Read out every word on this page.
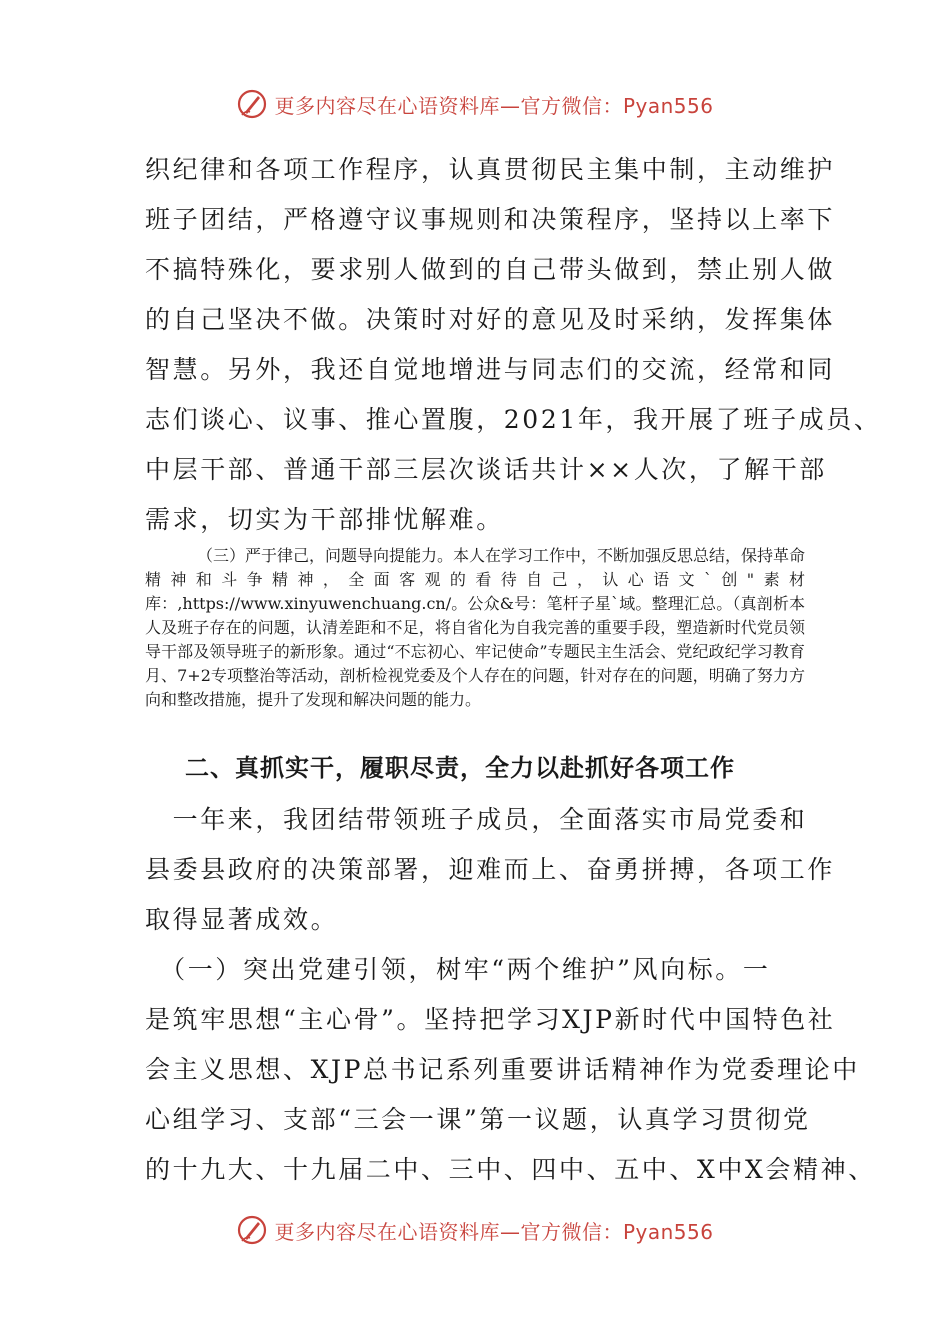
更多内容尽在心语资料库—官方微信：Pyan556
织纪律和各项工作程序，认真贯彻民主集中制，主动维护
班子团结，严格遵守议事规则和决策程序，坚持以上率下
不搞特殊化，要求别人做到的自己带头做到，禁止别人做
的自己坚决不做。决策时对好的意见及时采纳，发挥集体
智慧。另外，我还自觉地增进与同志们的交流，经常和同
志们谈心、议事、推心置腹，2021年，我开展了班子成员、
中层干部、普通干部三层次谈话共计××人次，了解干部
需求，切实为干部排忧解难。
（三）严于律己，问题导向提能力。本人在学习工作中，不断加强反思总结，保持革命精神和斗争精神，全面客观的看待自己，认心语文`创"素材库：,https://www.xinyuwenchuang.cn/。公众&号：笔杆子星`域。整理汇总。（真剖析本人及班子存在的问题，认清差距和不足，将自省化为自我完善的重要手段，塑造新时代党员领导干部及领导班子的新形象。通过“不忘初心、牢记使命”专题民主生活会、党纪政纪学习教育月、7+2专项整治等活动，剖析检视党委及个人存在的问题，针对存在的问题，明确了努力方向和整改措施，提升了发现和解决问题的能力。
二、真抓实干，履职尽责，全力以赴抓好各项工作
　一年来，我团结带领班子成员，全面落实市局党委和
县委县政府的决策部署，迎难而上、奋勇拼搏，各项工作
取得显著成效。
　（一）突出党建引领，树牢“两个维护”风向标。一
是筑牢思想“主心骨”。坚持把学习XJP新时代中国特色社
会主义思想、XJP总书记系列重要讲话精神作为党委理论中
心组学习、支部“三会一课”第一议题，认真学习贯彻党
的十九大、十九届二中、三中、四中、五中、X中X会精神、
更多内容尽在心语资料库—官方微信：Pyan556
